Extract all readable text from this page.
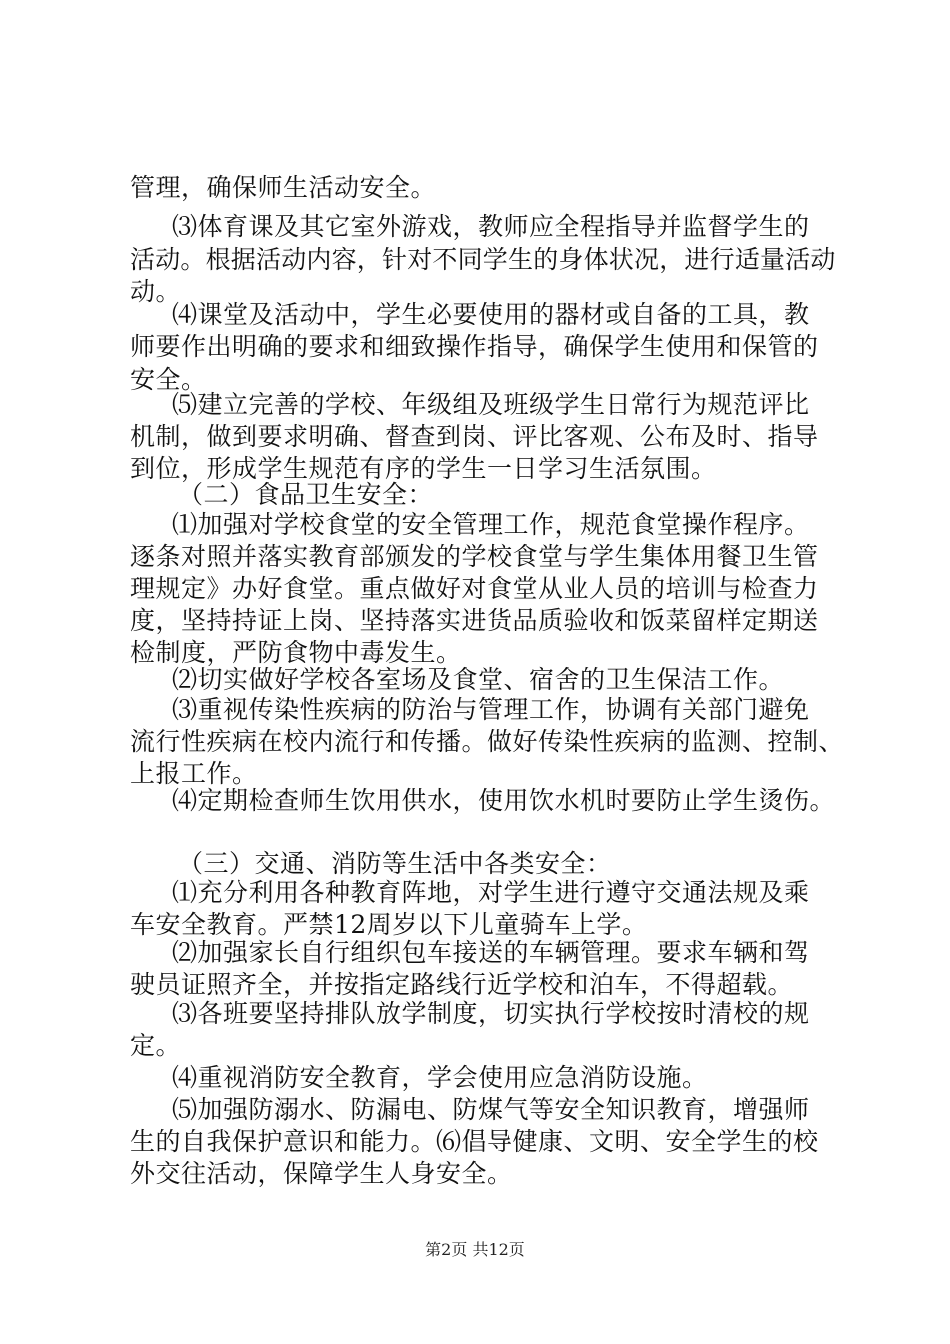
管理，确保师生活动安全。
⑶体育课及其它室外游戏，教师应全程指导并监督学生的
活动。根据活动内容，针对不同学生的身体状况，进行适量活动
动。
⑷课堂及活动中，学生必要使用的器材或自备的工具，教
师要作出明确的要求和细致操作指导，确保学生使用和保管的
安全。
⑸建立完善的学校、年级组及班级学生日常行为规范评比
机制，做到要求明确、督查到岗、评比客观、公布及时、指导
到位，形成学生规范有序的学生一日学习生活氛围。
（二）食品卫生安全：
⑴加强对学校食堂的安全管理工作，规范食堂操作程序。
逐条对照并落实教育部颁发的学校食堂与学生集体用餐卫生管
理规定》办好食堂。重点做好对食堂从业人员的培训与检查力
度，坚持持证上岗、坚持落实进货品质验收和饭菜留样定期送
检制度，严防食物中毒发生。
⑵切实做好学校各室场及食堂、宿舍的卫生保洁工作。
⑶重视传染性疾病的防治与管理工作，协调有关部门避免
流行性疾病在校内流行和传播。做好传染性疾病的监测、控制、
上报工作。
⑷定期检查师生饮用供水，使用饮水机时要防止学生烫伤。
（三）交通、消防等生活中各类安全：
⑴充分利用各种教育阵地，对学生进行遵守交通法规及乘
车安全教育。严禁12周岁以下儿童骑车上学。
⑵加强家长自行组织包车接送的车辆管理。要求车辆和驾
驶员证照齐全，并按指定路线行近学校和泊车，不得超载。
⑶各班要坚持排队放学制度，切实执行学校按时清校的规
定。
⑷重视消防安全教育，学会使用应急消防设施。
⑸加强防溺水、防漏电、防煤气等安全知识教育，增强师
生的自我保护意识和能力。⑹倡导健康、文明、安全学生的校
外交往活动，保障学生人身安全。
第2页 共12页
